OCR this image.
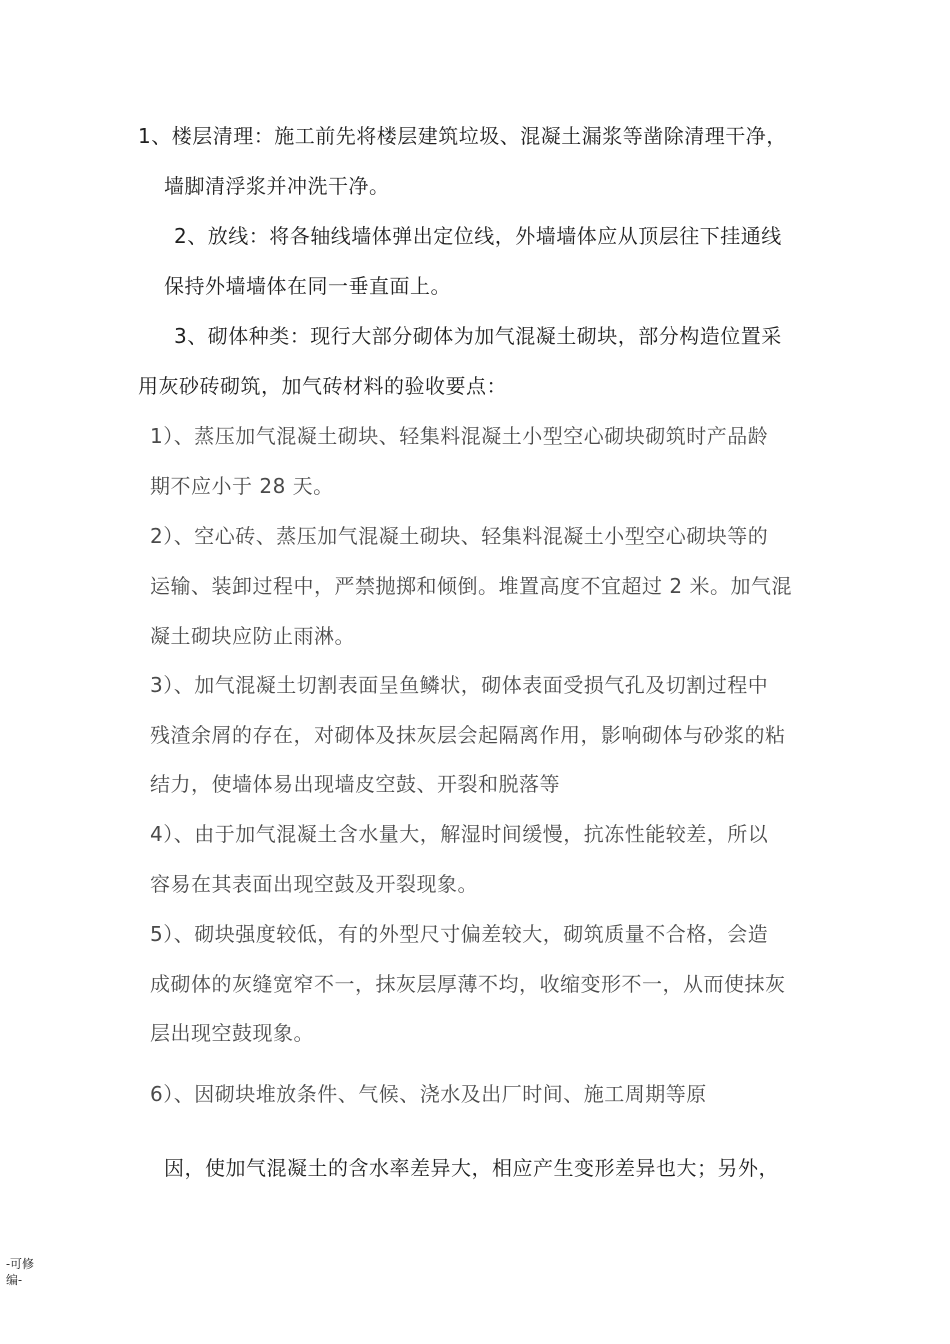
1、楼层清理：施工前先将楼层建筑垃圾、混凝土漏浆等凿除清理干净，
墙脚清浮浆并冲洗干净。
2、放线：将各轴线墙体弹出定位线，外墙墙体应从顶层往下挂通线
保持外墙墙体在同一垂直面上。
3、砌体种类：现行大部分砌体为加气混凝土砌块，部分构造位置采
用灰砂砖砌筑，加气砖材料的验收要点：
1）、蒸压加气混凝土砌块、轻集料混凝土小型空心砌块砌筑时产品龄
期不应小于 28 天。
2）、空心砖、蒸压加气混凝土砌块、轻集料混凝土小型空心砌块等的
运输、装卸过程中，严禁抛掷和倾倒。堆置高度不宜超过 2 米。加气混
凝土砌块应防止雨淋。
3）、加气混凝土切割表面呈鱼鳞状，砌体表面受损气孔及切割过程中
残渣余屑的存在，对砌体及抹灰层会起隔离作用，影响砌体与砂浆的粘
结力，使墙体易出现墙皮空鼓、开裂和脱落等
4）、由于加气混凝土含水量大，解湿时间缓慢，抗冻性能较差，所以
容易在其表面出现空鼓及开裂现象。
5）、砌块强度较低，有的外型尺寸偏差较大，砌筑质量不合格，会造
成砌体的灰缝宽窄不一，抹灰层厚薄不均，收缩变形不一，从而使抹灰
层出现空鼓现象。
6）、因砌块堆放条件、气候、浇水及出厂时间、施工周期等原
因，使加气混凝土的含水率差异大，相应产生变形差异也大；另外，
-可修
编-
